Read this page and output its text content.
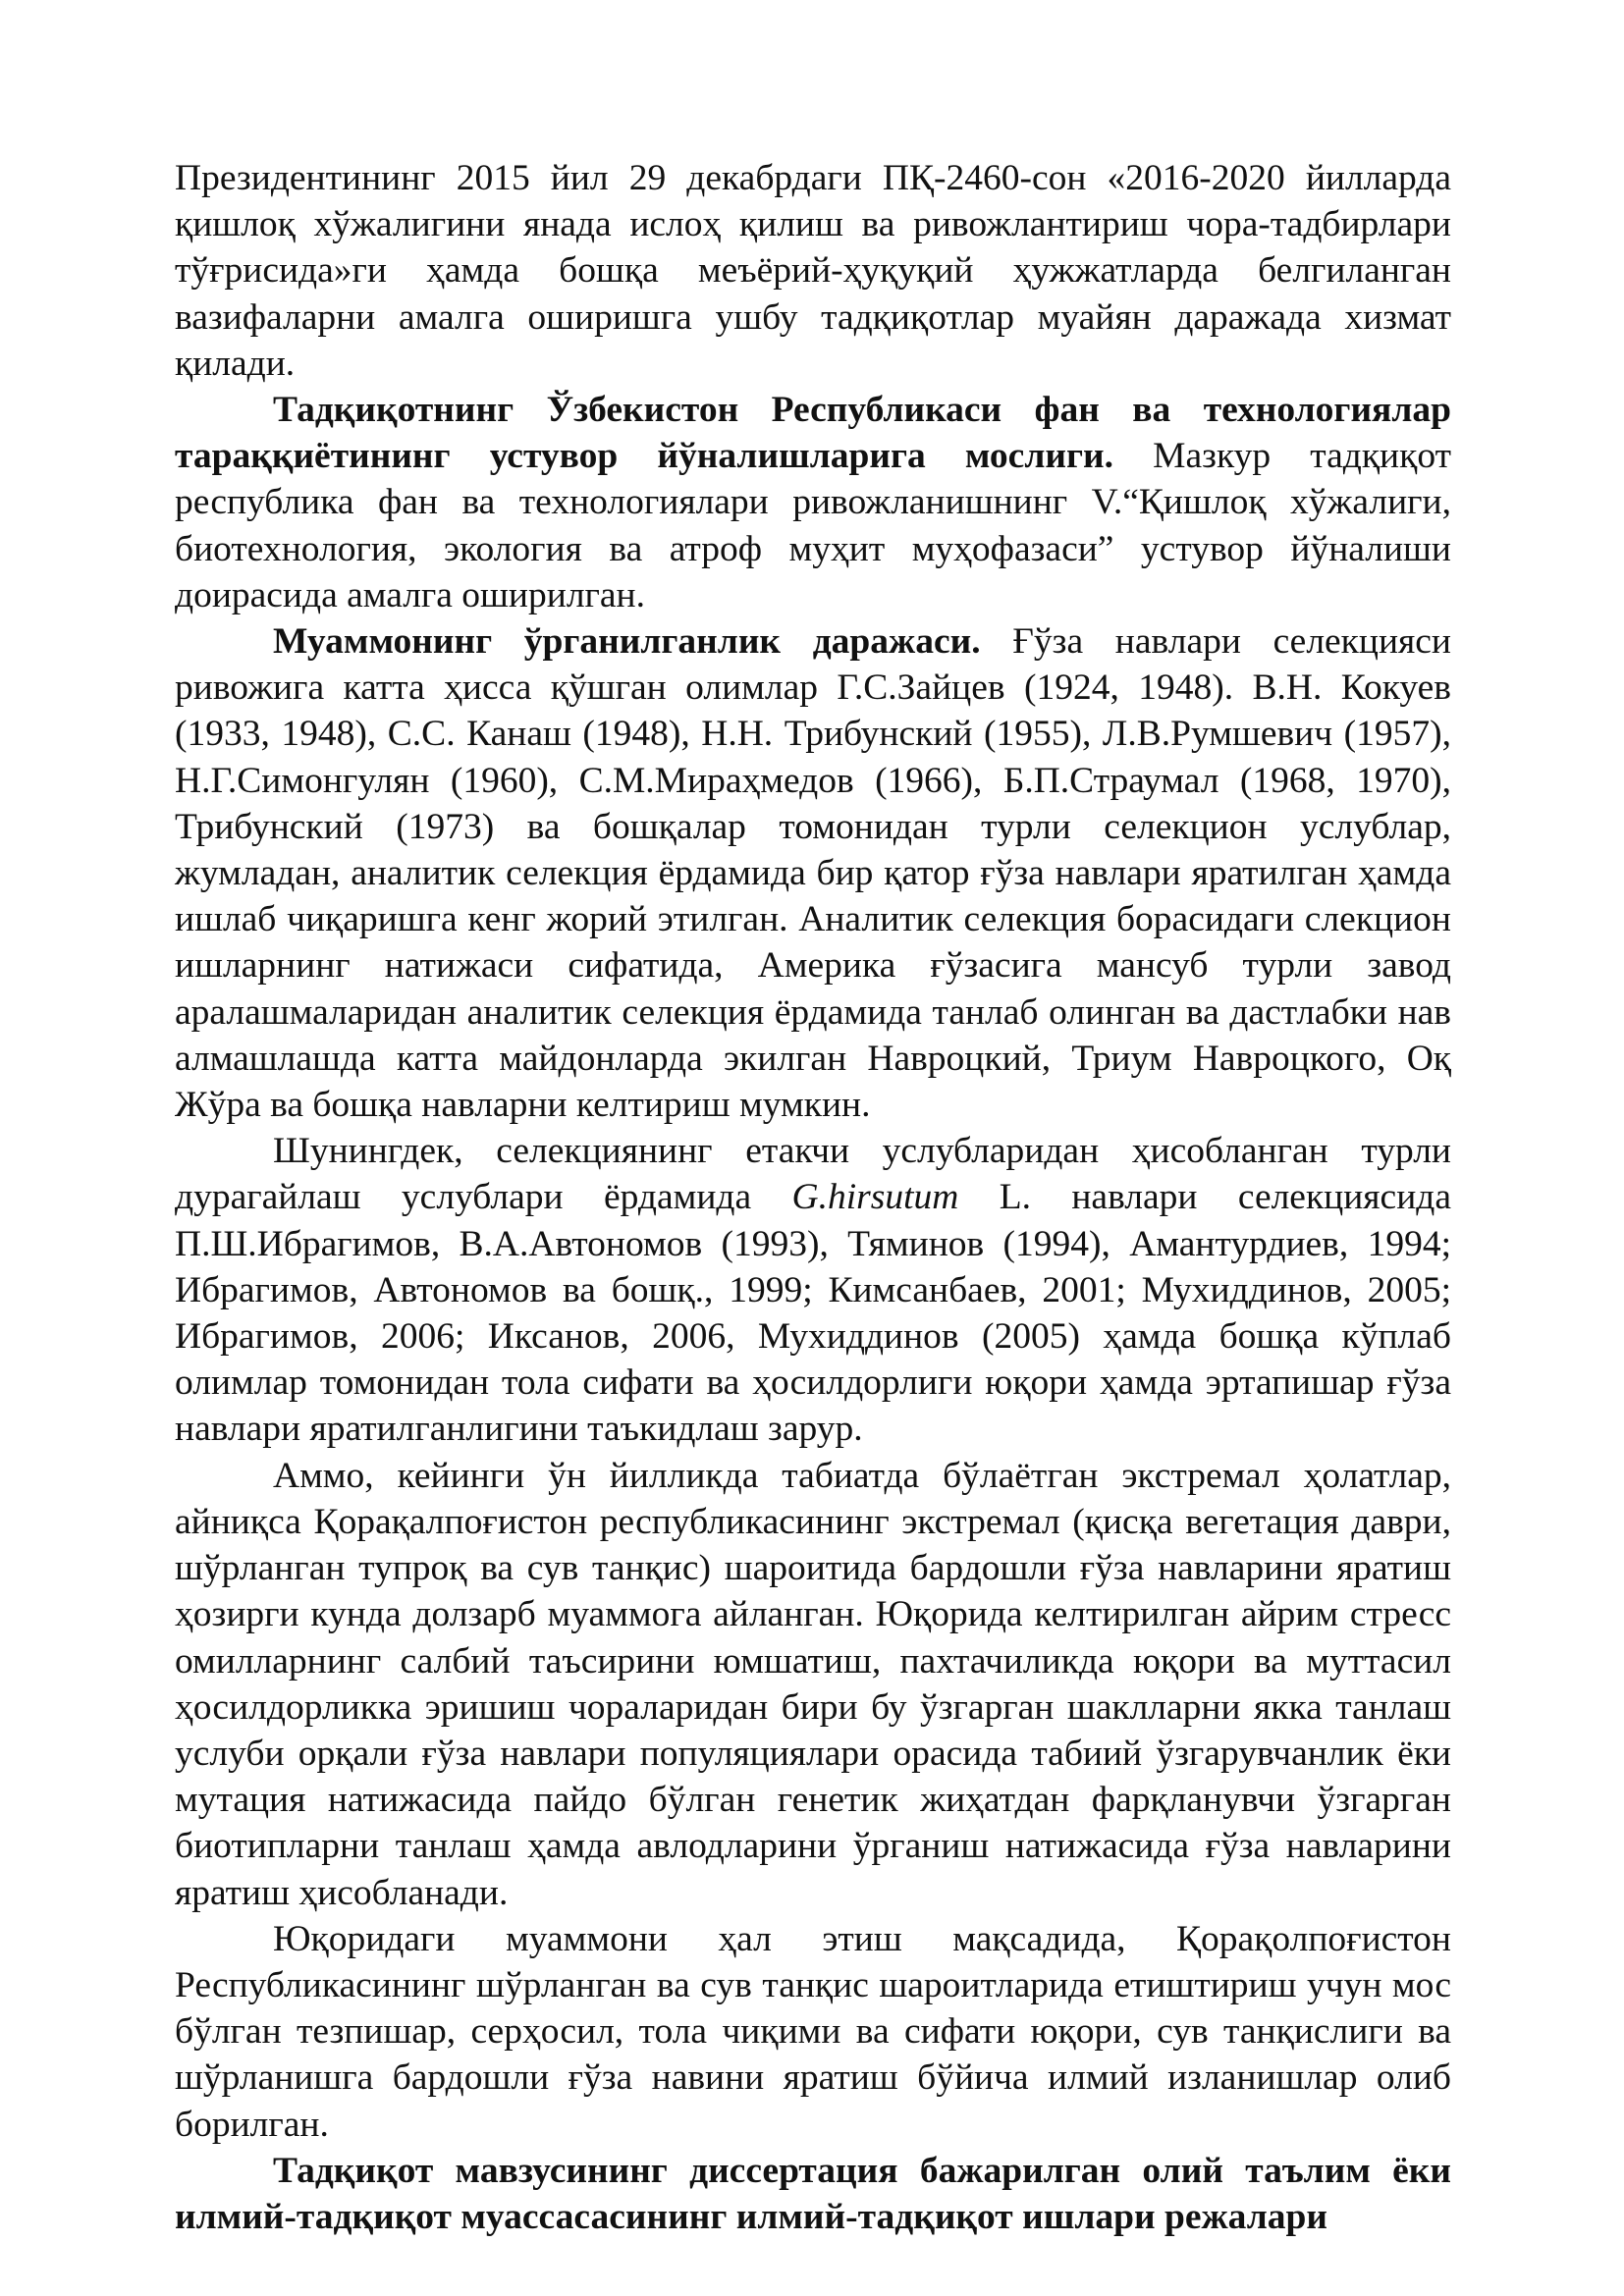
Президентининг 2015 йил 29 декабрдаги ПҚ-2460-сон «2016-2020 йилларда қишлоқ хўжалигини янада ислоҳ қилиш ва ривожлантириш чора-тадбирлари тўғрисида»ги ҳамда бошқа меъёрий-ҳуқуқий ҳужжатларда белгиланган вазифаларни амалга оширишга ушбу тадқиқотлар муайян даражада хизмат қилади.

Тадқиқотнинг Ўзбекистон Республикаси фан ва технологиялар тараққиётининг устувор йўналишларига мослиги. Мазкур тадқиқот республика фан ва технологиялари ривожланишнинг V.“Қишлоқ хўжалиги, биотехнология, экология ва атроф муҳит муҳофазаси” устувор йўналиши доирасида амалга оширилган.

Муаммонинг ўрганилганлик даражаси. Ғўза навлари селекцияси ривожига катта ҳисса қўшган олимлар Г.С.Зайцев (1924, 1948). В.Н. Кокуев (1933, 1948), С.С. Канаш (1948), Н.Н. Трибунский (1955), Л.В.Румшевич (1957), Н.Г.Симонгулян (1960), С.М.Мираҳмедов (1966), Б.П.Страумал (1968, 1970), Трибунский (1973) ва бошқалар томонидан турли селекцион услублар, жумладан, аналитик селекция ёрдамида бир қатор ғўза навлари яратилган ҳамда ишлаб чиқаришга кенг жорий этилган. Аналитик селекция борасидаги слекцион ишларнинг натижаси сифатида, Америка ғўзасига мансуб турли завод аралашмаларидан аналитик селекция ёрдамида танлаб олинган ва дастлабки нав алмашлашда катта майдонларда экилган Навроцкий, Триум Навроцкого, Оқ Жўра ва бошқа навларни келтириш мумкин.

Шунингдек, селекциянинг етакчи услубларидан ҳисобланган турли дурагайлаш услублари ёрдамида G.hirsutum L. навлари селекциясида П.Ш.Ибрагимов, В.А.Автономов (1993), Тяминов (1994), Амантурдиев, 1994; Ибрагимов, Автономов ва бошқ., 1999; Кимсанбаев, 2001; Мухиддинов, 2005; Ибрагимов, 2006; Иксанов, 2006, Мухиддинов (2005) ҳамда бошқа кўплаб олимлар томонидан тола сифати ва ҳосилдорлиги юқори ҳамда эртапишар ғўза навлари яратилганлигини таъкидлаш зарур.

Аммо, кейинги ўн йилликда табиатда бўлаётган экстремал ҳолатлар, айниқса Қорақалпоғистон республикасининг экстремал (қисқа вегетация даври, шўрланган тупроқ ва сув танқис) шароитида бардошли ғўза навларини яратиш ҳозирги кунда долзарб муаммога айланган. Юқорида келтирилган айрим стресс омилларнинг салбий таъсирини юмшатиш, пахтачиликда юқори ва муттасил ҳосилдорликка эришиш чораларидан бири бу ўзгарган шаклларни якка танлаш услуби орқали ғўза навлари популяциялари орасида табиий ўзгарувчанлик ёки мутация натижасида пайдо бўлган генетик жиҳатдан фарқланувчи ўзгарган биотипларни танлаш ҳамда авлодларини ўрганиш натижасида ғўза навларини яратиш ҳисобланади.

Юқоридаги муаммони ҳал этиш мақсадида, Қорақолпоғистон Республикасининг шўрланган ва сув танқис шароитларида етиштириш учун мос бўлган тезпишар, серҳосил, тола чиқими ва сифати юқори, сув танқислиги ва шўрланишга бардошли ғўза навини яратиш бўйича илмий изланишлар олиб борилган.

Тадқиқот мавзусининг диссертация бажарилган олий таълим ёки илмий-тадқиқот муассасасининг илмий-тадқиқот ишлари режалари
